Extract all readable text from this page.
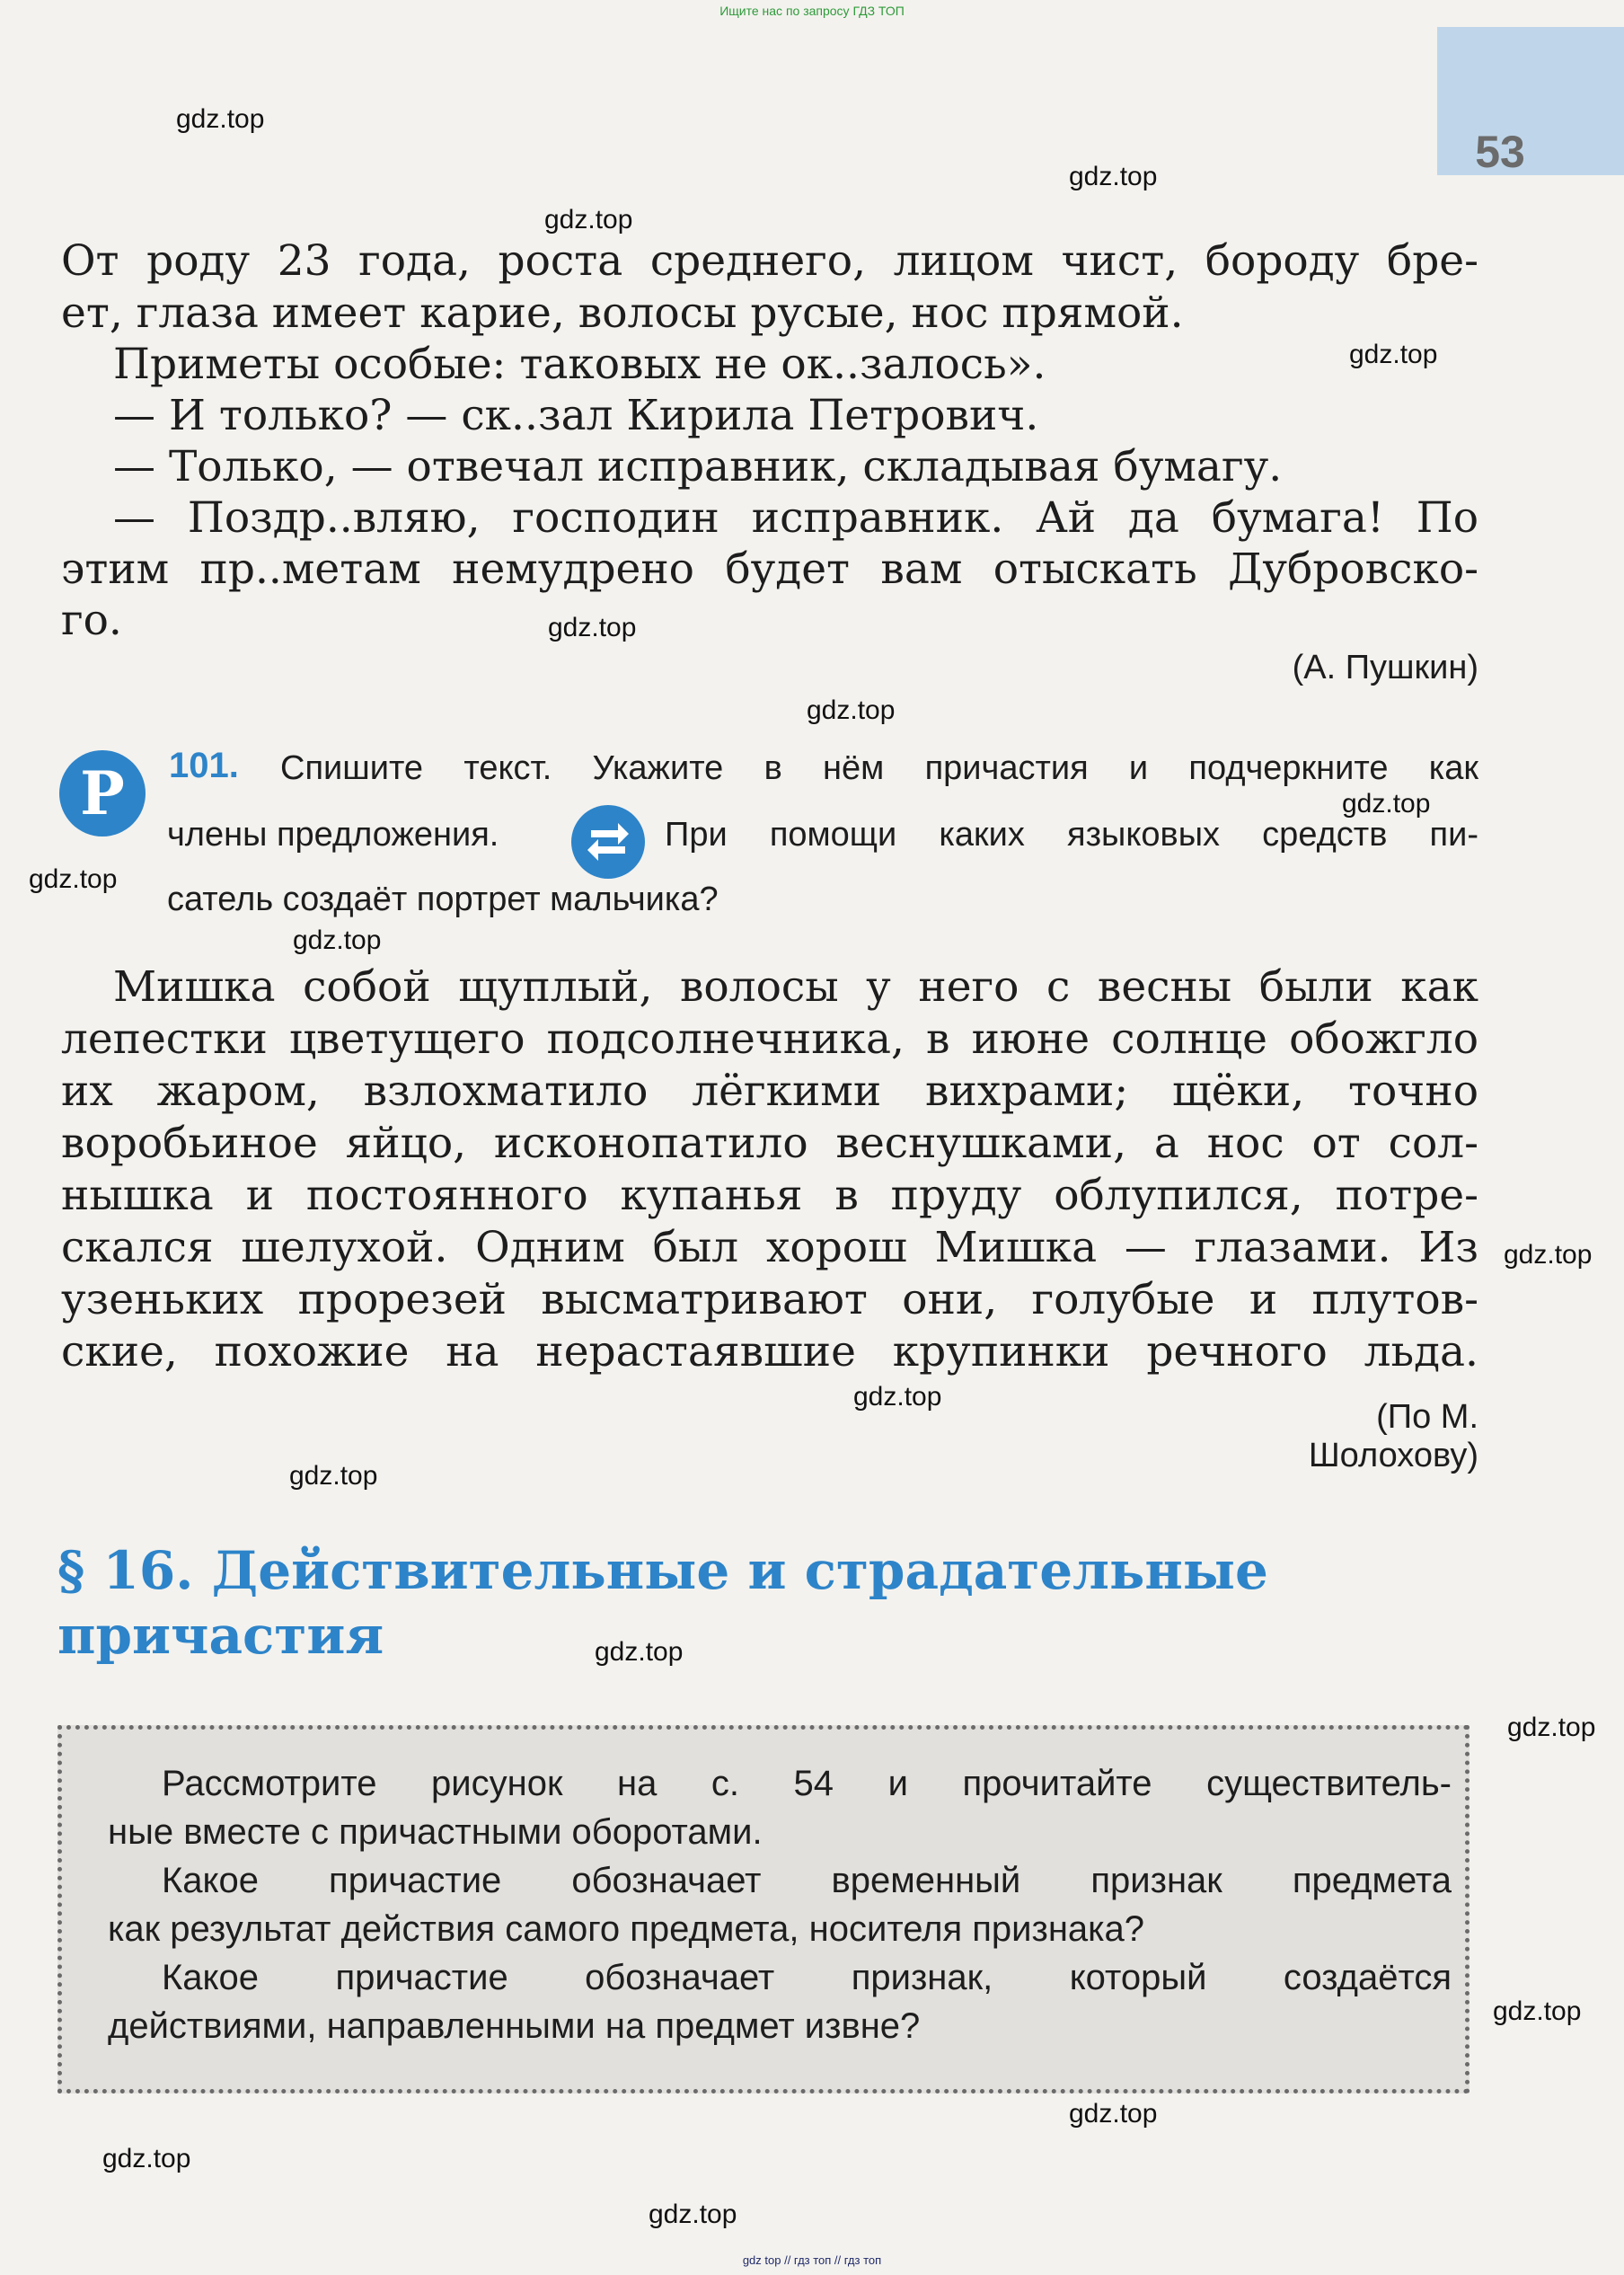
Ищите нас по запросу ГДЗ ТОП
53
gdz.top
gdz.top
gdz.top
gdz.top
gdz.top
gdz.top
gdz.top
gdz.top
gdz.top
gdz.top
gdz.top
gdz.top
gdz.top
gdz.top
gdz.top
gdz.top
gdz.top
gdz.top
От роду 23 года, роста среднего, лицом чист, бороду бре-
ет, глаза имеет карие, волосы русые, нос прямой.
Приметы особые: таковых не ок..залось».
— И только? — ск..зал Кирила Петрович.
— Только, — отвечал исправник, складывая бумагу.
— Поздр..вляю, господин исправник. Ай да бумага! По
этим пр..метам немудрено будет вам отыскать Дубровско-
го.
(А. Пушкин)
Р	101. Спишите текст. Укажите в нём причастия и подчеркните как
члены предложения.	При помощи каких языковых средств пи-
сатель создаёт портрет мальчика?
Мишка собой щуплый, волосы у него с весны были как
лепестки цветущего подсолнечника, в июне солнце обожгло
их жаром, взлохматило лёгкими вихрами; щёки, точно
воробьиное яйцо, исконопатило веснушками, а нос от сол-
нышка и постоянного купанья в пруду облупился, потре-
скался шелухой. Одним был хорош Мишка — глазами. Из
узеньких прорезей высматривают они, голубые и плутов-
ские, похожие на нерастаявшие крупинки речного льда.
(По М. Шолохову)
§ 16. Действительные и страдательные
причастия
Рассмотрите рисунок на с. 54 и прочитайте существитель-
ные вместе с причастными оборотами.
Какое причастие обозначает временный признак предмета
как результат действия самого предмета, носителя признака?
Какое причастие обозначает признак, который создаётся
действиями, направленными на предмет извне?
gdz top // гдз топ // гдз топ
